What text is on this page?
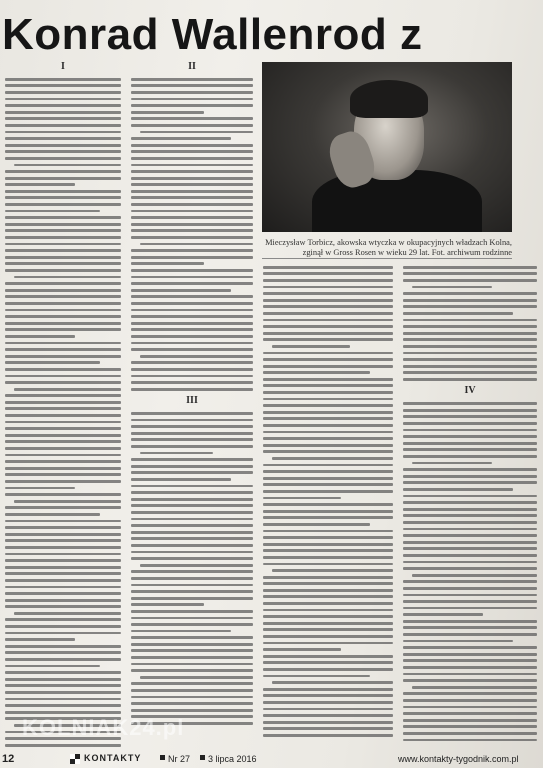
Konrad Wallenrod z
I	II
III
Mieczysław Torbicz, akowska wtyczka w okupacyjnych władzach Kolna, zginął w Gross Rosen w wieku 29 lat. Fot. archiwum rodzinne
IV
KOLNIAK24.pl
12	KONTAKTY	Nr 27 3 lipca 2016	www.kontakty-tygodnik.com.pl
